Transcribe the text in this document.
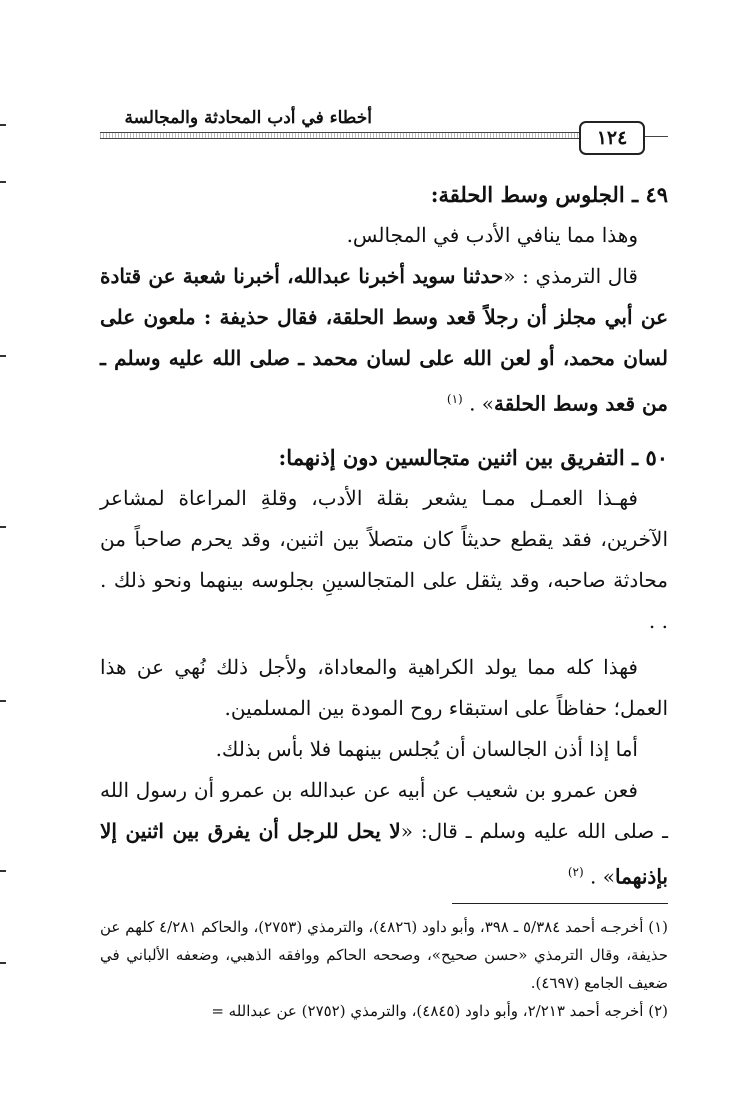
أخطاء في أدب المحادثة والمجالسة
١٢٤

٤٩ ـ الجلوس وسط الحلقة:

وهذا مما ينافي الأدب في المجالس.

قال الترمذي : «حدثنا سويد أخبرنا عبدالله، أخبرنا شعبة عن قتادة عن أبي مجلز أن رجلاً قعد وسط الحلقة، فقال حذيفة : ملعون على لسان محمد، أو لعن الله على لسان محمد ـ صلى الله عليه وسلم ـ من قعد وسط الحلقة» . $^{(١)}$

٥٠ ـ التفريق بين اثنين متجالسين دون إذنهما:

فهـذا العمـل ممـا يشعر بقلة الأدب، وقلةِ المراعاة لمشاعر الآخرين، فقد يقطع حديثاً كان متصلاً بين اثنين، وقد يحرم صاحباً من محادثة صاحبه، وقد يثقل على المتجالسينِ بجلوسه بينهما ونحو ذلك . . .

فهذا كله مما يولد الكراهية والمعاداة، ولأجل ذلك نُهي عن هذا العمل؛ حفاظاً على استبقاء روح المودة بين المسلمين.

أما إذا أذن الجالسان أن يُجلس بينهما فلا بأس بذلك.

فعن عمرو بن شعيب عن أبيه عن عبدالله بن عمرو أن رسول الله ـ صلى الله عليه وسلم ـ قال: «لا يحل للرجل أن يفرق بين اثنين إلا بإذنهما» . $^{(٢)}$

(١) أخرجـه أحمد ٥/٣٨٤ ـ ٣٩٨، وأبو داود (٤٨٢٦)، والترمذي (٢٧٥٣)، والحاكم ٤/٢٨١ كلهم عن حذيفة، وقال الترمذي «حسن صحيح»، وصححه الحاكم ووافقه الذهبي، وضعفه الألباني في ضعيف الجامع (٤٦٩٧).

(٢) أخرجه أحمد ٢/٢١٣، وأبو داود (٤٨٤٥)، والترمذي (٢٧٥٢) عن عبدالله =
